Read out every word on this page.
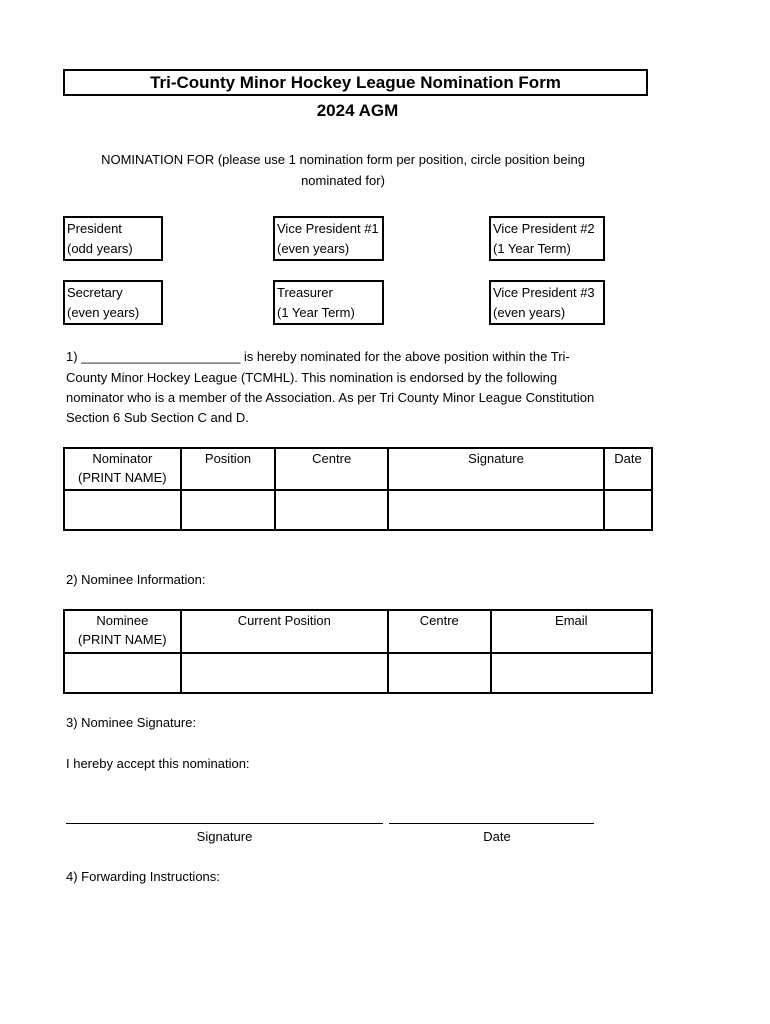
Tri-County Minor Hockey League Nomination Form
2024 AGM
NOMINATION FOR (please use 1 nomination form per position, circle position being
nominated for)
President
(odd years)
Vice President #1
(even years)
Vice President #2
(1 Year Term)
Secretary
(even years)
Treasurer
(1 Year Term)
Vice President #3
(even years)
1) ______________________ is hereby nominated for the above position within the Tri-
County Minor Hockey League (TCMHL). This nomination is endorsed by the following
nominator who is a member of the Association. As per Tri County Minor League Constitution
Section 6 Sub Section C and D.
Nominator
(PRINT NAME)	Position	Centre	Signature	Date

2) Nominee Information:
Nominee
(PRINT NAME)	Current Position	Centre	Email

3) Nominee Signature:
I hereby accept this nomination:
Signature	Date
4) Forwarding Instructions:
